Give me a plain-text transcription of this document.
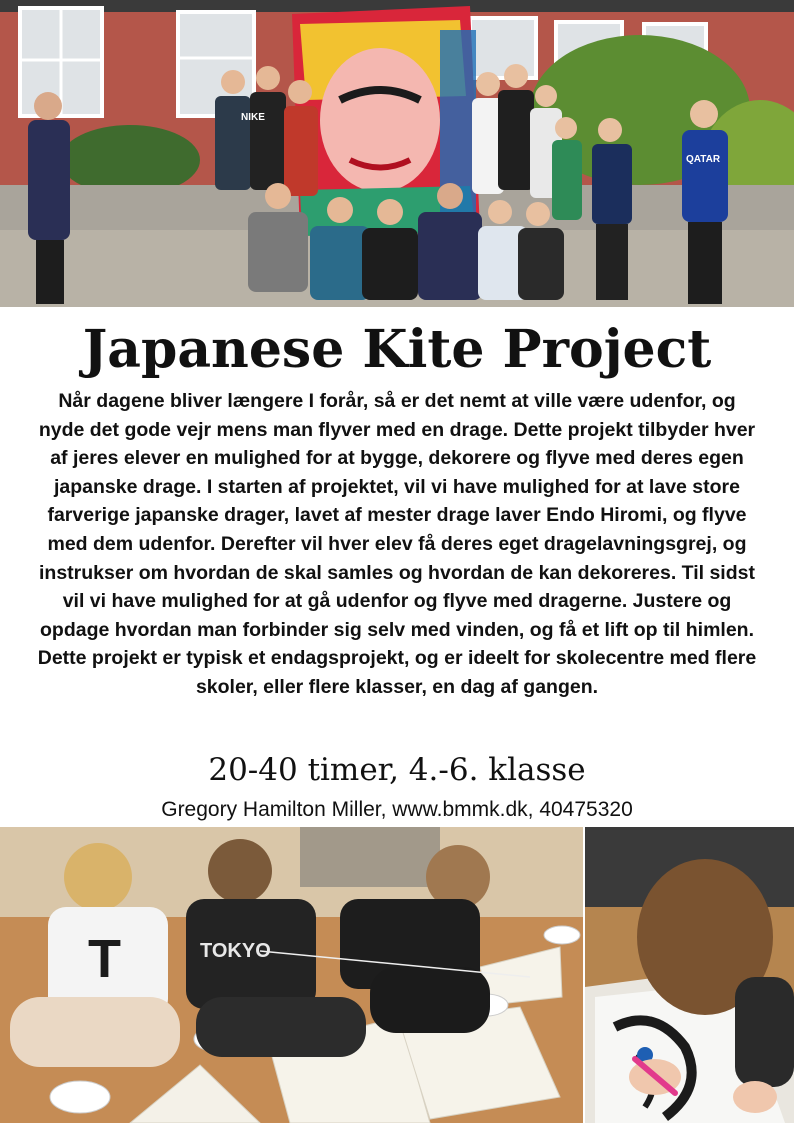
NIKE
QATAR
Japanese Kite Project

Når dagene bliver længere I forår, så er det nemt at ville være udenfor, og nyde det gode vejr mens man flyver med en drage. Dette projekt tilbyder hver af jeres elever en mulighed for at bygge, dekorere og flyve med deres egen japanske drage. I starten af projektet, vil vi have mulighed for at lave store farverige japanske drager, lavet af mester drage laver Endo Hiromi, og flyve med dem udenfor. Derefter vil hver elev få deres eget dragelavningsgrej, og instrukser om hvordan de skal samles og hvordan de kan dekoreres. Til sidst vil vi have mulighed for at gå udenfor og flyve med dragerne. Justere og opdage hvordan man forbinder sig selv med vinden, og få et lift op til himlen. Dette projekt er typisk et endagsprojekt, og er ideelt for skolecentre med flere skoler, eller flere klasser, en dag af gangen.

20-40 timer, 4.-6. klasse

Gregory Hamilton Miller, www.bmmk.dk, 40475320

T	TOKYO
